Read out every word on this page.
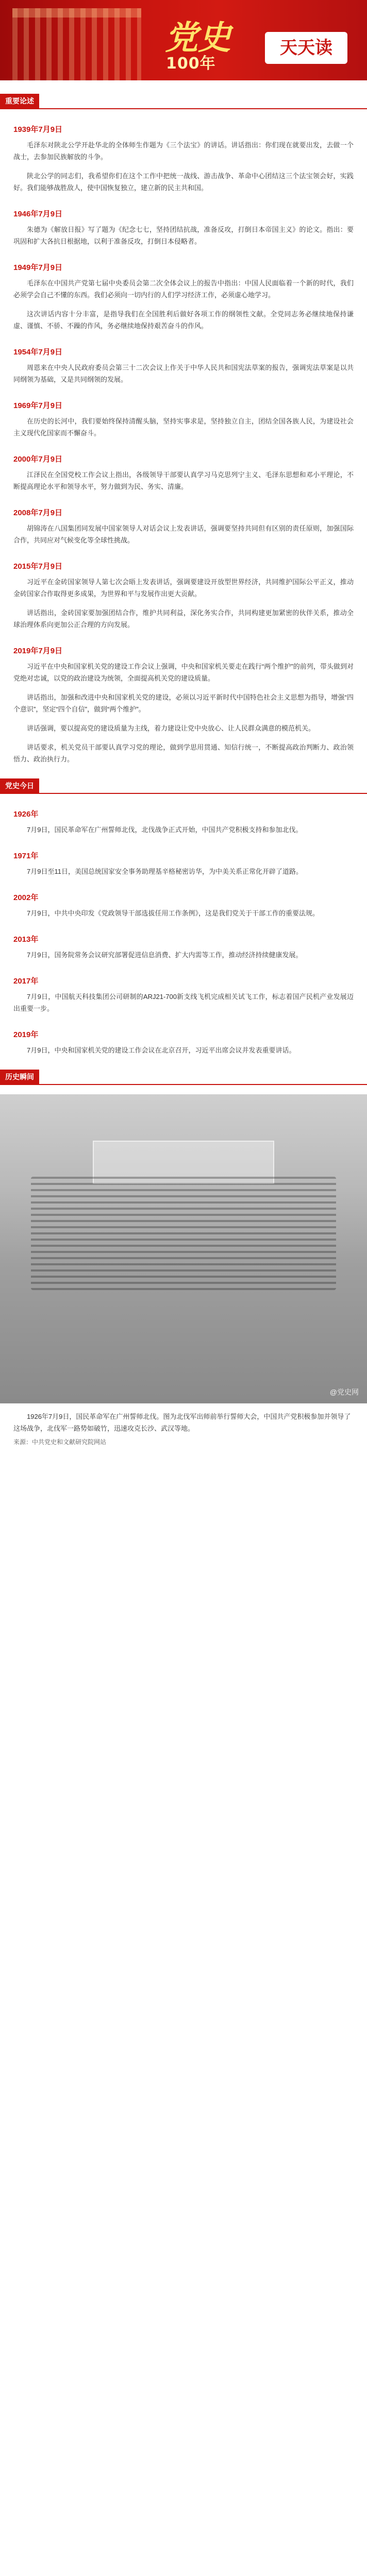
党史
100年
天天读
重要论述
1939年7月9日

毛泽东对陕北公学开赴华北的全体师生作题为《三个法宝》的讲话。讲话指出：你们现在就要出发，去做一个战士，去参加民族解放的斗争。

陕北公学的同志们，我希望你们在这个工作中把统一战线、游击战争、革命中心团结这三个法宝领会好，实践好。我们能够战胜敌人，使中国恢复独立，建立新的民主共和国。

1946年7月9日

朱德为《解放日报》写了题为《纪念七七，坚持团结抗战，准备反攻，打倒日本帝国主义》的论文。指出：要巩固和扩大各抗日根据地，以利于准备反攻，打倒日本侵略者。

1949年7月9日

毛泽东在中国共产党第七届中央委员会第二次全体会议上的报告中指出：中国人民面临着一个新的时代，我们必须学会自己不懂的东西。我们必须向一切内行的人们学习经济工作，必须虚心地学习。

这次讲话内容十分丰富，是指导我们在全国胜利后做好各项工作的纲领性文献。全党同志务必继续地保持谦虚、谨慎、不骄、不躁的作风，务必继续地保持艰苦奋斗的作风。

1954年7月9日

周恩来在中央人民政府委员会第三十二次会议上作关于中华人民共和国宪法草案的报告，强调宪法草案是以共同纲领为基础，又是共同纲领的发展。

1969年7月9日

在历史的长河中，我们要始终保持清醒头脑，坚持实事求是，坚持独立自主，团结全国各族人民，为建设社会主义现代化国家而不懈奋斗。

2000年7月9日

江泽民在全国党校工作会议上指出，各级领导干部要认真学习马克思列宁主义、毛泽东思想和邓小平理论，不断提高理论水平和领导水平，努力做到为民、务实、清廉。

2008年7月9日

胡锦涛在八国集团同发展中国家领导人对话会议上发表讲话，强调要坚持共同但有区别的责任原则，加强国际合作，共同应对气候变化等全球性挑战。

2015年7月9日

习近平在金砖国家领导人第七次会晤上发表讲话，强调要建设开放型世界经济，共同维护国际公平正义，推动金砖国家合作取得更多成果，为世界和平与发展作出更大贡献。

讲话指出，金砖国家要加强团结合作，维护共同利益，深化务实合作，共同构建更加紧密的伙伴关系，推动全球治理体系向更加公正合理的方向发展。

2019年7月9日

习近平在中央和国家机关党的建设工作会议上强调，中央和国家机关要走在践行“两个维护”的前列，带头做到对党绝对忠诚，以党的政治建设为统领，全面提高机关党的建设质量。

讲话指出，加强和改进中央和国家机关党的建设，必须以习近平新时代中国特色社会主义思想为指导，增强“四个意识”，坚定“四个自信”，做到“两个维护”。

讲话强调，要以提高党的建设质量为主线，着力建设让党中央放心、让人民群众满意的模范机关。

讲话要求，机关党员干部要认真学习党的理论，做到学思用贯通、知信行统一，不断提高政治判断力、政治领悟力、政治执行力。

党史今日
1926年

7月9日，国民革命军在广州誓师北伐，北伐战争正式开始，中国共产党积极支持和参加北伐。

1971年

7月9日至11日，美国总统国家安全事务助理基辛格秘密访华，为中美关系正常化开辟了道路。

2002年

7月9日，中共中央印发《党政领导干部选拔任用工作条例》，这是我们党关于干部工作的重要法规。

2013年

7月9日，国务院常务会议研究部署促进信息消费、扩大内需等工作，推动经济持续健康发展。

2017年

7月9日，中国航天科技集团公司研制的ARJ21-700新支线飞机完成相关试飞工作，标志着国产民机产业发展迈出重要一步。

2019年

7月9日，中央和国家机关党的建设工作会议在北京召开，习近平出席会议并发表重要讲话。

历史瞬间
@党史网
1926年7月9日，国民革命军在广州誓师北伐。图为北伐军出师前举行誓师大会，中国共产党积极参加并领导了这场战争，北伐军一路势如破竹，迅速攻克长沙、武汉等地。
来源：中共党史和文献研究院网站
